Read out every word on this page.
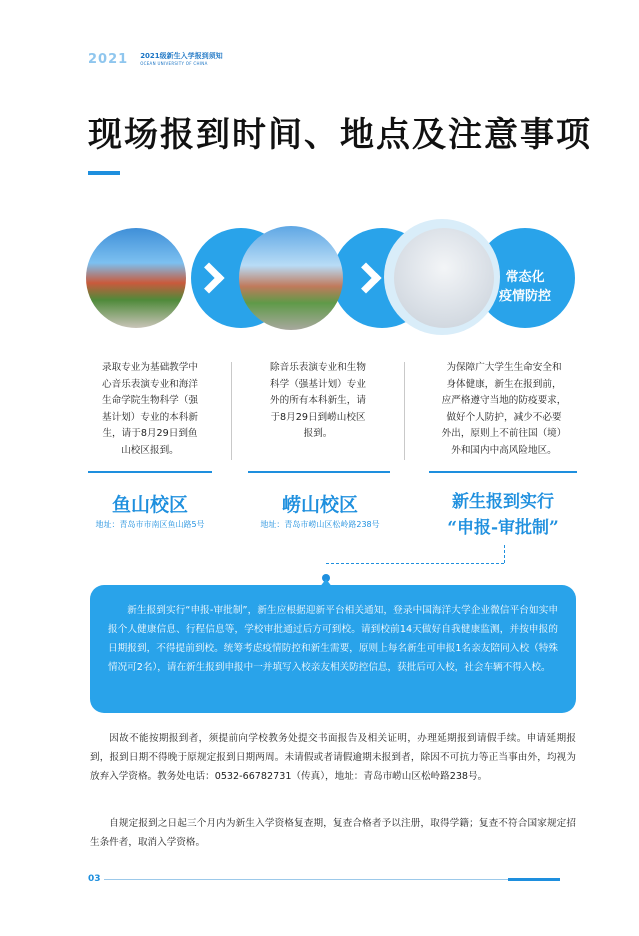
2021 2021级新生入学报到须知
OCEAN UNIVERSITY OF CHINA
现场报到时间、地点及注意事项
常态化
疫情防控
录取专业为基础教学中
心音乐表演专业和海洋
生命学院生物科学（强
基计划）专业的本科新
生，请于8月29日到鱼
山校区报到。
除音乐表演专业和生物
科学（强基计划）专业
外的所有本科新生，请
于8月29日到崂山校区
报到。
为保障广大学生生命安全和
身体健康，新生在报到前，
应严格遵守当地的防疫要求，
做好个人防护，减少不必要
外出，原则上不前往国（境）
外和国内中高风险地区。
鱼山校区
地址：青岛市市南区鱼山路5号
崂山校区
地址：青岛市崂山区松岭路238号
新生报到实行
“申报-审批制”
新生报到实行“申报-审批制”，新生应根据迎新平台相关通知，登录中国海洋大学企业微信平台如实申报个人健康信息、行程信息等，学校审批通过后方可到校。请到校前14天做好自我健康监测，并按申报的日期报到，不得提前到校。统筹考虑疫情防控和新生需要，原则上每名新生可申报1名亲友陪同入校（特殊情况可2名），请在新生报到申报中一并填写入校亲友相关防控信息，获批后可入校，社会车辆不得入校。
因故不能按期报到者，须提前向学校教务处提交书面报告及相关证明，办理延期报到请假手续。申请延期报到，报到日期不得晚于原规定报到日期两周。未请假或者请假逾期未报到者，除因不可抗力等正当事由外，均视为放弃入学资格。教务处电话：0532-66782731（传真），地址：青岛市崂山区松岭路238号。
自规定报到之日起三个月内为新生入学资格复查期，复查合格者予以注册，取得学籍；复查不符合国家规定招生条件者，取消入学资格。
03
